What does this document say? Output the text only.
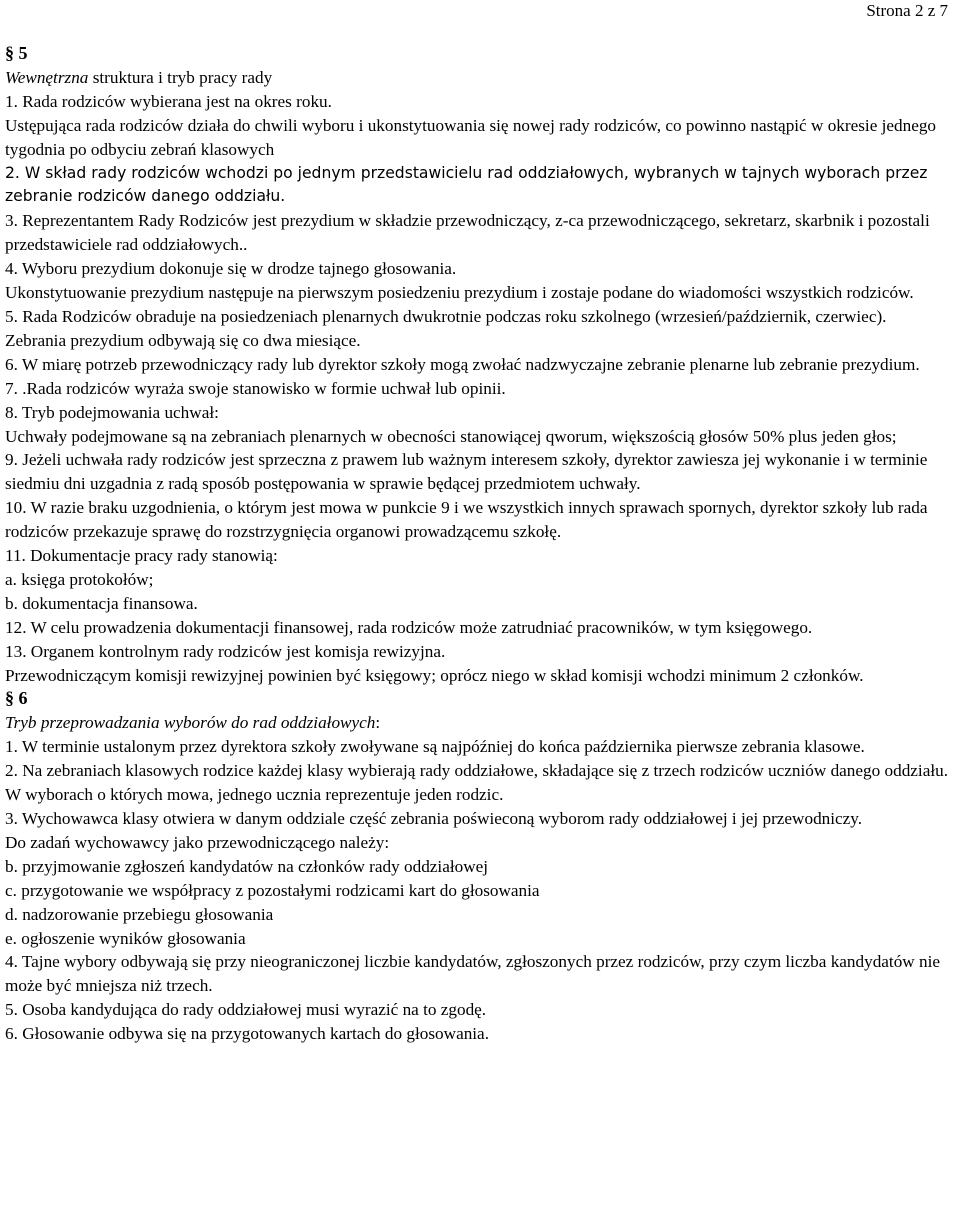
Strona 2 z 7

§ 5

Wewnętrzna struktura i tryb pracy rady

1. Rada rodziców wybierana jest na okres roku.

Ustępująca rada rodziców działa do chwili wyboru i ukonstytuowania się nowej rady rodziców, co powinno nastąpić w okresie jednego tygodnia po odbyciu zebrań klasowych

2. W skład rady rodziców wchodzi po jednym przedstawicielu rad oddziałowych, wybranych w tajnych wyborach przez zebranie rodziców danego oddziału.

3. Reprezentantem Rady Rodziców jest prezydium w składzie przewodniczący, z-ca przewodniczącego, sekretarz, skarbnik i pozostali przedstawiciele rad oddziałowych..

4. Wyboru prezydium dokonuje się w drodze tajnego głosowania.

Ukonstytuowanie prezydium następuje na pierwszym posiedzeniu prezydium i zostaje podane do wiadomości wszystkich rodziców.

5. Rada Rodziców obraduje na posiedzeniach plenarnych dwukrotnie podczas roku szkolnego (wrzesień/październik, czerwiec). Zebrania prezydium odbywają się co dwa miesiące.

6. W miarę potrzeb przewodniczący rady lub dyrektor szkoły mogą zwołać nadzwyczajne zebranie plenarne lub zebranie prezydium.

7. .Rada rodziców wyraża swoje stanowisko w formie uchwał lub opinii.

8. Tryb podejmowania uchwał:

Uchwały podejmowane są na zebraniach plenarnych w obecności stanowiącej qworum, większością głosów 50% plus jeden głos;

9. Jeżeli uchwała rady rodziców jest sprzeczna z prawem lub ważnym interesem szkoły, dyrektor zawiesza jej wykonanie i w terminie siedmiu dni uzgadnia z radą sposób postępowania w sprawie będącej przedmiotem uchwały.

10. W razie braku uzgodnienia, o którym jest mowa w punkcie 9 i we wszystkich innych sprawach spornych, dyrektor szkoły lub rada rodziców przekazuje sprawę do rozstrzygnięcia organowi prowadzącemu szkołę.

11. Dokumentacje pracy rady stanowią:

a. księga protokołów;

b. dokumentacja finansowa.

12. W celu prowadzenia dokumentacji finansowej, rada rodziców może zatrudniać pracowników, w tym księgowego.

13. Organem kontrolnym rady rodziców jest komisja rewizyjna.

Przewodniczącym komisji rewizyjnej powinien być księgowy; oprócz niego w skład komisji wchodzi minimum 2 członków.

§ 6

Tryb przeprowadzania wyborów do rad oddziałowych:

1. W terminie ustalonym przez dyrektora szkoły zwoływane są najpóźniej do końca października pierwsze zebrania klasowe.

2. Na zebraniach klasowych rodzice każdej klasy wybierają rady oddziałowe, składające się z trzech rodziców uczniów danego oddziału. W wyborach o których mowa, jednego ucznia reprezentuje jeden rodzic.

3. Wychowawca klasy otwiera w danym oddziale część zebrania poświeconą wyborom rady oddziałowej i jej przewodniczy.

Do zadań wychowawcy jako przewodniczącego należy:

b. przyjmowanie zgłoszeń kandydatów na członków rady oddziałowej

c. przygotowanie we współpracy z pozostałymi rodzicami kart do głosowania

d. nadzorowanie przebiegu głosowania

e. ogłoszenie wyników głosowania

4. Tajne wybory odbywają się przy nieograniczonej liczbie kandydatów, zgłoszonych przez rodziców, przy czym liczba kandydatów nie może być mniejsza niż trzech.

5. Osoba kandydująca do rady oddziałowej musi wyrazić na to zgodę.

6. Głosowanie odbywa się na przygotowanych kartach do głosowania.
